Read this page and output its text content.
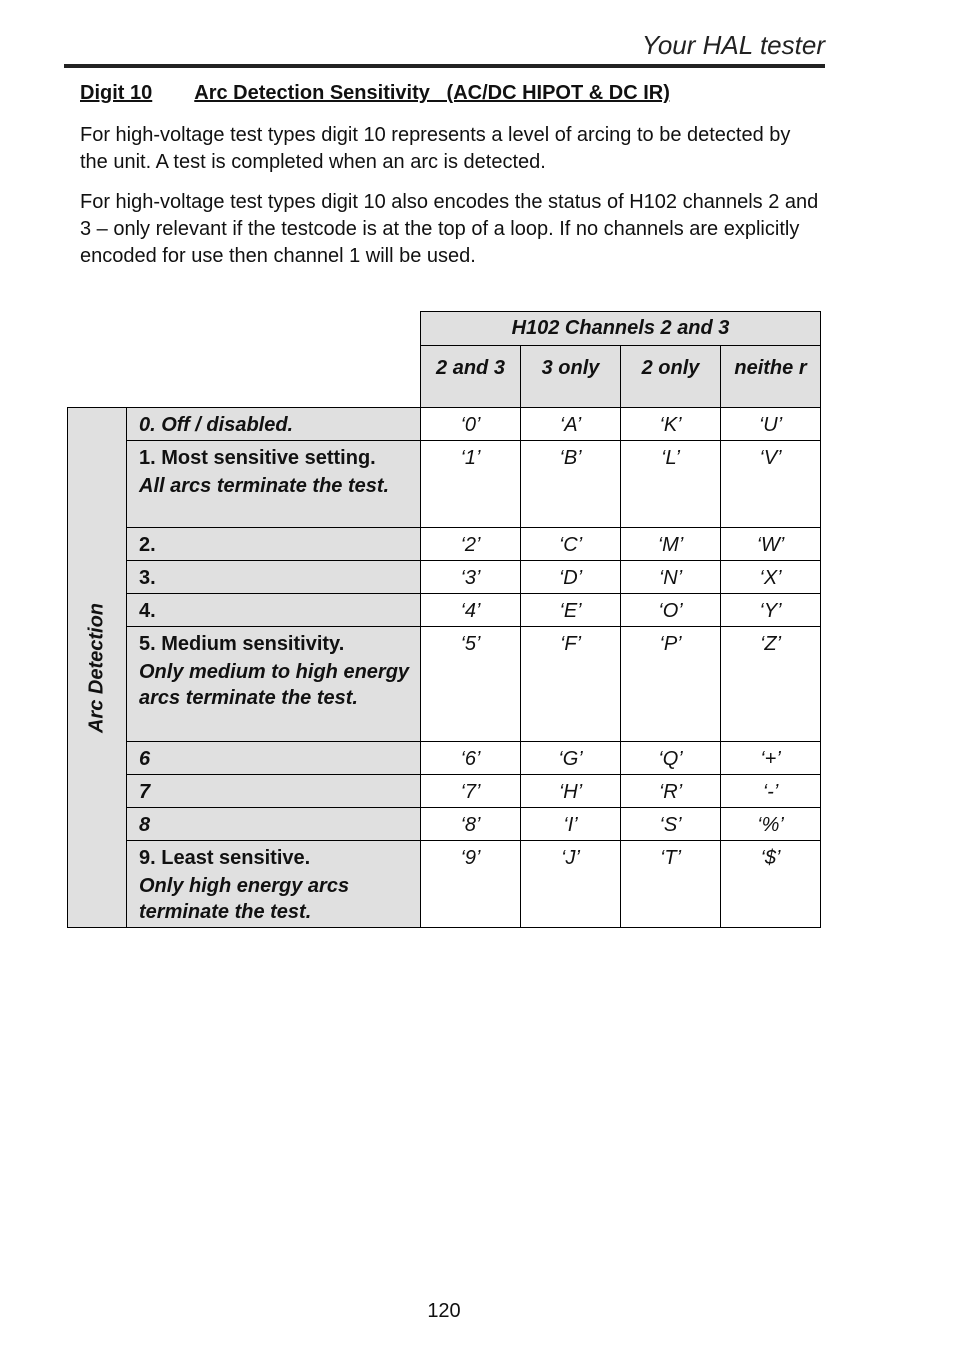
Your HAL tester
Digit 10 Arc Detection Sensitivity   (AC/DC HIPOT & DC IR)
For high-voltage test types digit 10 represents a level of arcing to be detected by the unit. A test is completed when an arc is detected.
For high-voltage test types digit 10 also encodes the status of H102 channels 2 and 3 – only relevant if the testcode is at the top of a loop. If no channels are explicitly encoded for use then channel 1 will be used.
		H102 Channels 2 and 3			
		2 and 3	3 only	2 only	neithe r

Arc Detection	0. Off / disabled.	‘0’	‘A’	‘K’	‘U’

	1. Most sensitive setting.
All arcs terminate the test.	‘1’	‘B’	‘L’	‘V’

	2.	‘2’	‘C’	‘M’	‘W’

	3.	‘3’	‘D’	‘N’	‘X’

	4.	‘4’	‘E’	‘O’	‘Y’

	5. Medium sensitivity.
Only medium to high energy arcs terminate the test.	‘5’	‘F’	‘P’	‘Z’

	6	‘6’	‘G’	‘Q’	‘+’

	7	‘7’	‘H’	‘R’	‘-’

	8	‘8’	‘I’	‘S’	‘%’

	9. Least sensitive.
Only high energy arcs terminate the test.	‘9’	‘J’	‘T’	‘$’
120
